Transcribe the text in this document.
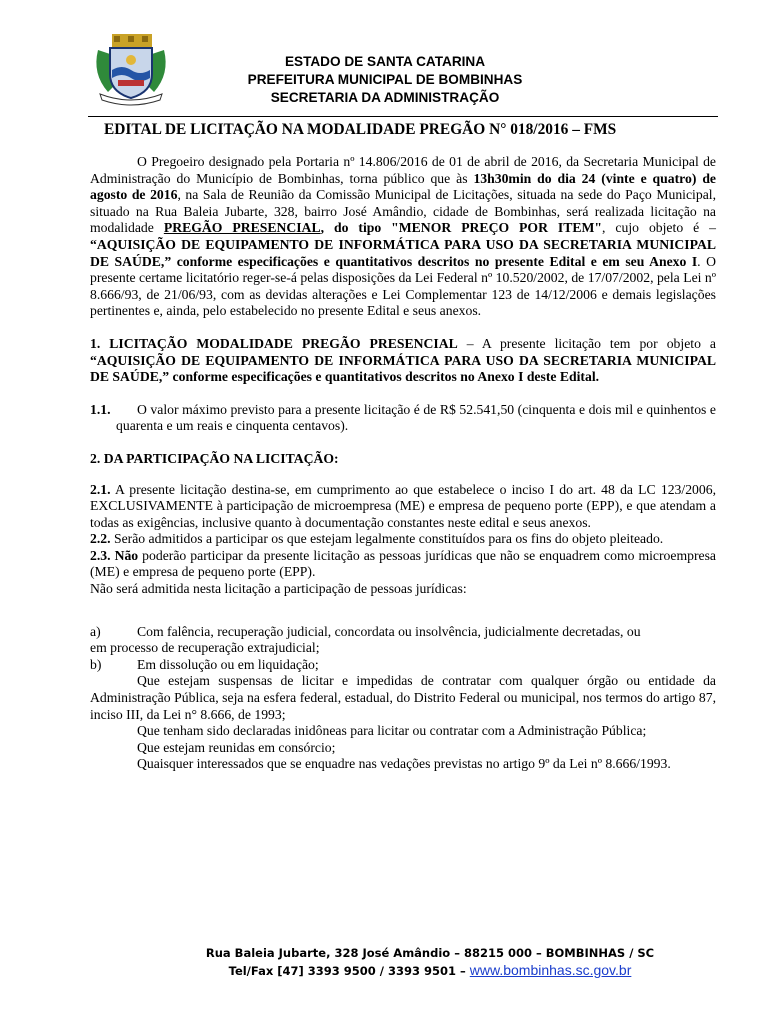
ESTADO DE SANTA CATARINA
PREFEITURA MUNICIPAL DE BOMBINHAS
SECRETARIA DA ADMINISTRAÇÃO
EDITAL DE LICITAÇÃO NA MODALIDADE PREGÃO N° 018/2016 – FMS

O Pregoeiro designado pela Portaria nº 14.806/2016 de 01 de abril de 2016, da Secretaria Municipal de Administração do Município de Bombinhas, torna público que às 13h30min do dia 24 (vinte e quatro) de agosto de 2016, na Sala de Reunião da Comissão Municipal de Licitações, situada na sede do Paço Municipal, situado na Rua Baleia Jubarte, 328, bairro José Amândio, cidade de Bombinhas, será realizada licitação na modalidade PREGÃO PRESENCIAL, do tipo "MENOR PREÇO POR ITEM", cujo objeto é – “AQUISIÇÃO DE EQUIPAMENTO DE INFORMÁTICA PARA USO DA SECRETARIA MUNICIPAL DE SAÚDE,” conforme especificações e quantitativos descritos no presente Edital e em seu Anexo I. O presente certame licitatório reger-se-á pelas disposições da Lei Federal nº 10.520/2002, de 17/07/2002, pela Lei nº 8.666/93, de 21/06/93, com as devidas alterações e Lei Complementar 123 de 14/12/2006 e demais legislações pertinentes e, ainda, pelo estabelecido no presente Edital e seus anexos.

1. LICITAÇÃO MODALIDADE PREGÃO PRESENCIAL – A presente licitação tem por objeto a “AQUISIÇÃO DE EQUIPAMENTO DE INFORMÁTICA PARA USO DA SECRETARIA MUNICIPAL DE SAÚDE,” conforme especificações e quantitativos descritos no Anexo I deste Edital.

1.1.	O valor máximo previsto para a presente licitação é de R$ 52.541,50 (cinquenta e dois mil e quinhentos e quarenta e um reais e cinquenta centavos).

2. DA PARTICIPAÇÃO NA LICITAÇÃO:

2.1. A presente licitação destina-se, em cumprimento ao que estabelece o inciso I do art. 48 da LC 123/2006, EXCLUSIVAMENTE à participação de microempresa (ME) e empresa de pequeno porte (EPP), e que atendam a todas as exigências, inclusive quanto à documentação constantes neste edital e seus anexos.

2.2. Serão admitidos a participar os que estejam legalmente constituídos para os fins do objeto pleiteado.

2.3. Não poderão participar da presente licitação as pessoas jurídicas que não se enquadrem como microempresa (ME) e empresa de pequeno porte (EPP).

Não será admitida nesta licitação a participação de pessoas jurídicas:

a)	Com falência, recuperação judicial, concordata ou insolvência, judicialmente decretadas, ou

em processo de recuperação extrajudicial;

b)	Em dissolução ou em liquidação;

Que estejam suspensas de licitar e impedidas de contratar com qualquer órgão ou entidade da Administração Pública, seja na esfera federal, estadual, do Distrito Federal ou municipal, nos termos do artigo 87, inciso III, da Lei n° 8.666, de 1993;

Que tenham sido declaradas inidôneas para licitar ou contratar com a Administração Pública;

Que estejam reunidas em consórcio;

Quaisquer interessados que se enquadre nas vedações previstas no artigo 9º da Lei nº 8.666/1993.

Rua Baleia Jubarte, 328 José Amândio – 88215 000 – BOMBINHAS / SC
Tel/Fax [47] 3393 9500 / 3393 9501 – www.bombinhas.sc.gov.br
